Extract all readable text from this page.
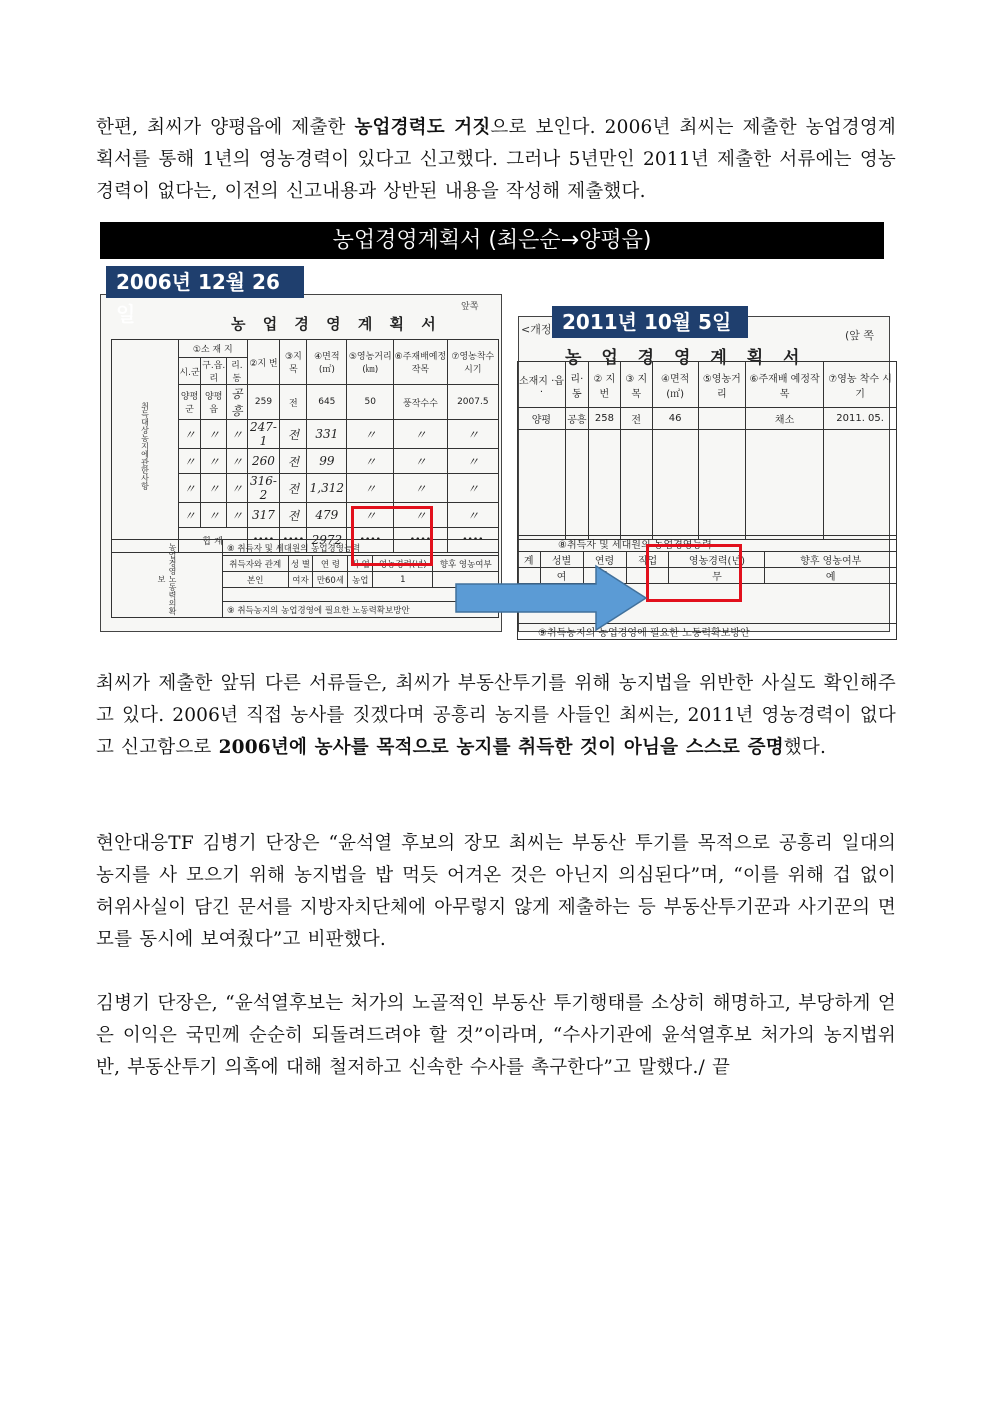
한편, 최씨가 양평읍에 제출한 농업경력도 거짓으로 보인다. 2006년 최씨는 제출한 농업경영계획서를 통해 1년의 영농경력이 있다고 신고했다. 그러나 5년만인 2011년 제출한 서류에는 영농경력이 없다는, 이전의 신고내용과 상반된 내용을 작성해 제출했다.
농업경영계획서 (최은순→양평읍)
2006년 12월 26일	2011년 10월 5일
앞쪽
농 업 경 영 계 획 서
취득대상농지에관한사항	①소 재 지			②지 번	③지 목	④면적(㎡)	⑤영농거리(㎞)	⑥주재배예정작목	⑦영농착수시기
	시.군	구.읍.리	리.동						
	양평군	양평읍	공흥	259	전	645	50	풍작수수	2007.5
	〃	〃	〃	247-1	전	331	〃	〃	〃
	〃	〃	〃	260	전	99	〃	〃	〃
	〃	〃	〃	316-2	전	1,312	〃	〃	〃
	〃	〃	〃	317	전	479	〃	〃	〃
	합 계			••••	••••	2972	••••	••••	••••
농업경영노동력의확보	⑧ 취득자 및 세대원의 농업경영능력					
	취득자와 관계	성 별	연 령	직 업	영농경력(년)	향후 영농여부
	본인	여자	만60세	농업	1	

	⑨ 취득농지의 농업경영에 필요한 노동력확보방안					
<개정	(앞 쪽
농 업 경 영 계 획 서
소재지 ·읍·	리·동	② 지번	③ 지목	④면적(㎡)	⑤영농거리	⑥주재배 예정작목	⑦영농 착수 시기
양평	공흥	258	전	46		채소	2011. 05.

⑧취득자 및 세대원의 농업경영능력					
계	성별	연령	직업	영농경력(년)	향후 영농여부
	여			무	예

⑨취득농지의 농업경영에 필요한 노동력확보방안					
최씨가 제출한 앞뒤 다른 서류들은, 최씨가 부동산투기를 위해 농지법을 위반한 사실도 확인해주고 있다. 2006년 직접 농사를 짓겠다며 공흥리 농지를 사들인 최씨는, 2011년 영농경력이 없다고 신고함으로 2006년에 농사를 목적으로 농지를 취득한 것이 아님을 스스로 증명했다.
현안대응TF 김병기 단장은 “윤석열 후보의 장모 최씨는 부동산 투기를 목적으로 공흥리 일대의 농지를 사 모으기 위해 농지법을 밥 먹듯 어겨온 것은 아닌지 의심된다”며, “이를 위해 겁 없이 허위사실이 담긴 문서를 지방자치단체에 아무렇지 않게 제출하는 등 부동산투기꾼과 사기꾼의 면모를 동시에 보여줬다”고 비판했다.
김병기 단장은, “윤석열후보는 처가의 노골적인 부동산 투기행태를 소상히 해명하고, 부당하게 얻은 이익은 국민께 순순히 되돌려드려야 할 것”이라며, “수사기관에 윤석열후보 처가의 농지법위반, 부동산투기 의혹에 대해 철저하고 신속한 수사를 촉구한다”고 말했다./ 끝
